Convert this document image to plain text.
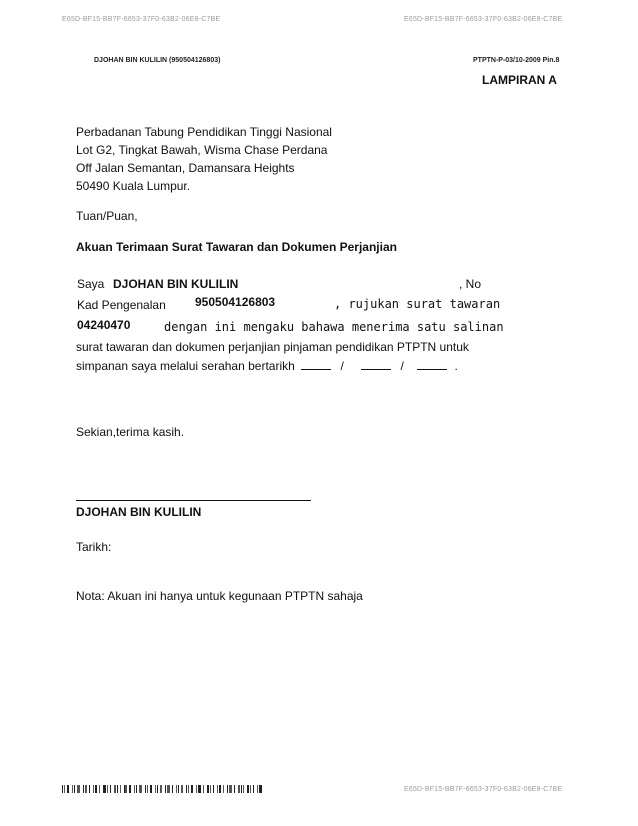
E65D-BF15-BB7F-6653-37F0-63B2-06E8-C7BE	E65D-BF15-BB7F-6653-37F0-63B2-06E8-C7BE
DJOHAN BIN KULILIN (950504126803)	PTPTN-P-03/10-2009 Pin.8
LAMPIRAN A
Perbadanan Tabung Pendidikan Tinggi Nasional
Lot G2, Tingkat Bawah, Wisma Chase Perdana
Off Jalan Semantan, Damansara Heights
50490 Kuala Lumpur.
Tuan/Puan,
Akuan Terimaan Surat Tawaran dan Dokumen Perjanjian
Saya DJOHAN BIN KULILIN	, No
Kad Pengenalan 950504126803	, rujukan surat tawaran
04240470	dengan ini mengaku bahawa menerima satu salinan
surat tawaran dan dokumen perjanjian pinjaman pendidikan PTPTN untuk
simpanan saya melalui serahan bertarikh	/	/	.
Sekian,terima kasih.
DJOHAN BIN KULILIN
Tarikh:
Nota: Akuan ini hanya untuk kegunaan PTPTN sahaja
E65D-BF15-BB7F-6653-37F0-63B2-06E8-C7BE
